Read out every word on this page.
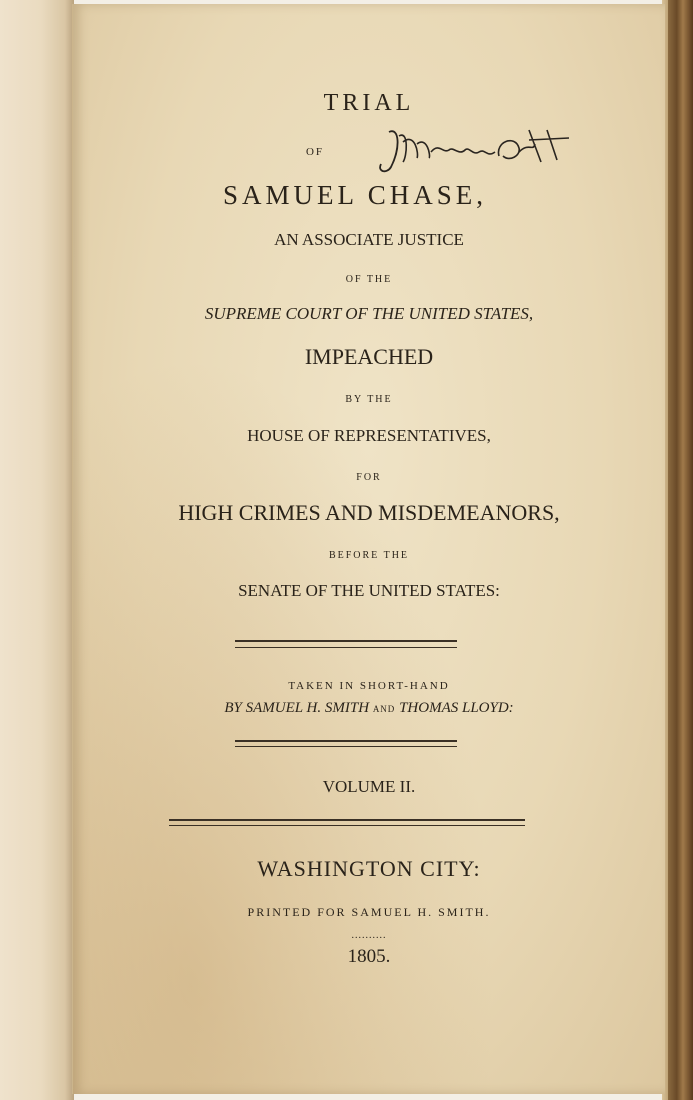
TRIAL
OF
SAMUEL CHASE,
AN ASSOCIATE JUSTICE
OF THE
SUPREME COURT OF THE UNITED STATES,
IMPEACHED
BY THE
HOUSE OF REPRESENTATIVES,
FOR
HIGH CRIMES AND MISDEMEANORS,
BEFORE THE
SENATE OF THE UNITED STATES:
TAKEN IN SHORT-HAND
BY SAMUEL H. SMITH AND THOMAS LLOYD:
VOLUME II.
WASHINGTON CITY:
PRINTED FOR SAMUEL H. SMITH.
..........
1805.
